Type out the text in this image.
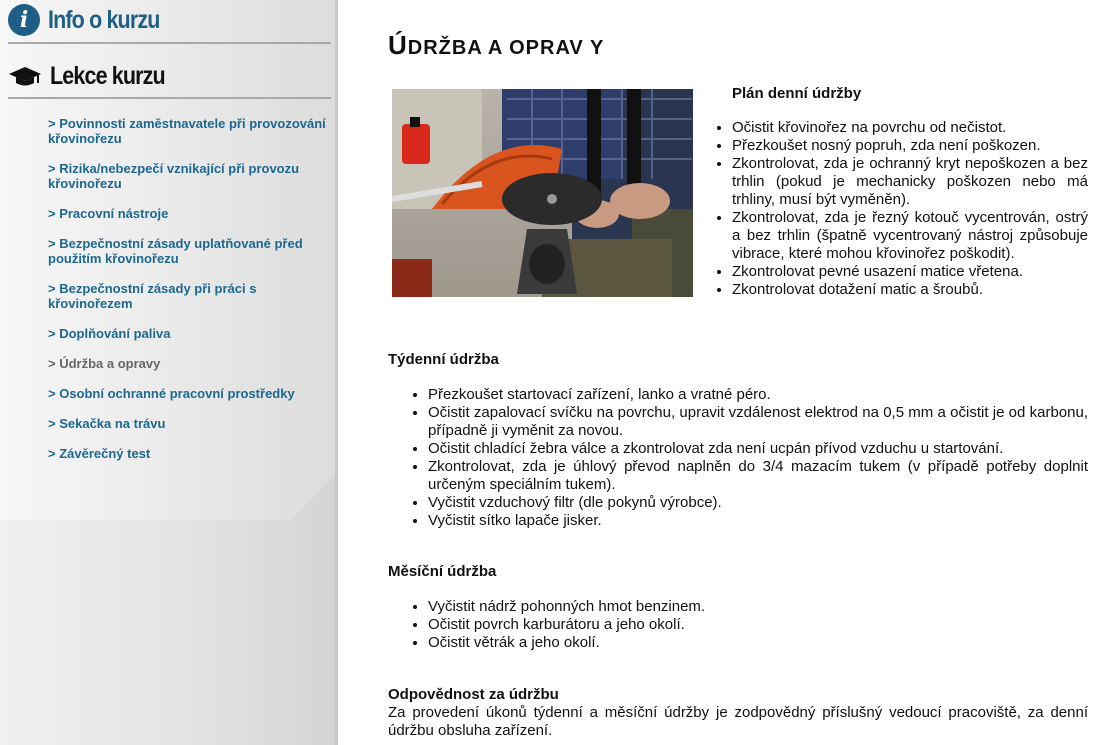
i Info o kurzu
Lekce kurzu
> Povinnosti zaměstnavatele při provozování křovinořezu
> Rizika/nebezpečí vznikající při provozu křovinořezu
> Pracovní nástroje
> Bezpečnostní zásady uplatňované před použitím křovinořezu
> Bezpečnostní zásady při práci s křovinořezem
> Doplňování paliva
> Údržba a opravy
> Osobní ochranné pracovní prostředky
> Sekačka na trávu
> Závěrečný test
ÚDRŽBA A OPRAV Y
Plán denní údržby
• Očistit křovinořez na povrchu od nečistot.
• Přezkoušet nosný popruh, zda není poškozen.
• Zkontrolovat, zda je ochranný kryt nepoškozen a bez trhlin (pokud je mechanicky poškozen nebo má trhliny, musí být vyměněn).
• Zkontrolovat, zda je řezný kotouč vycentrován, ostrý a bez trhlin (špatně vycentrovaný nástroj způsobuje vibrace, které mohou křovinořez poškodit).
• Zkontrolovat pevné usazení matice vřetena.
• Zkontrolovat dotažení matic a šroubů.
Týdenní údržba
• Přezkoušet startovací zařízení, lanko a vratné péro.
• Očistit zapalovací svíčku na povrchu, upravit vzdálenost elektrod na 0,5 mm a očistit je od karbonu, případně ji vyměnit za novou.
• Očistit chladící žebra válce a zkontrolovat zda není ucpán přívod vzduchu u startování.
• Zkontrolovat, zda je úhlový převod naplněn do 3/4 mazacím tukem (v případě potřeby doplnit určeným speciálním tukem).
• Vyčistit vzduchový filtr (dle pokynů výrobce).
• Vyčistit sítko lapače jisker.
Měsíční údržba
• Vyčistit nádrž pohonných hmot benzinem.
• Očistit povrch karburátoru a jeho okolí.
• Očistit větrák a jeho okolí.
Odpovědnost za údržbu

Za provedení úkonů týdenní a měsíční údržby je zodpovědný příslušný vedoucí pracoviště, za denní údržbu obsluha zařízení.
